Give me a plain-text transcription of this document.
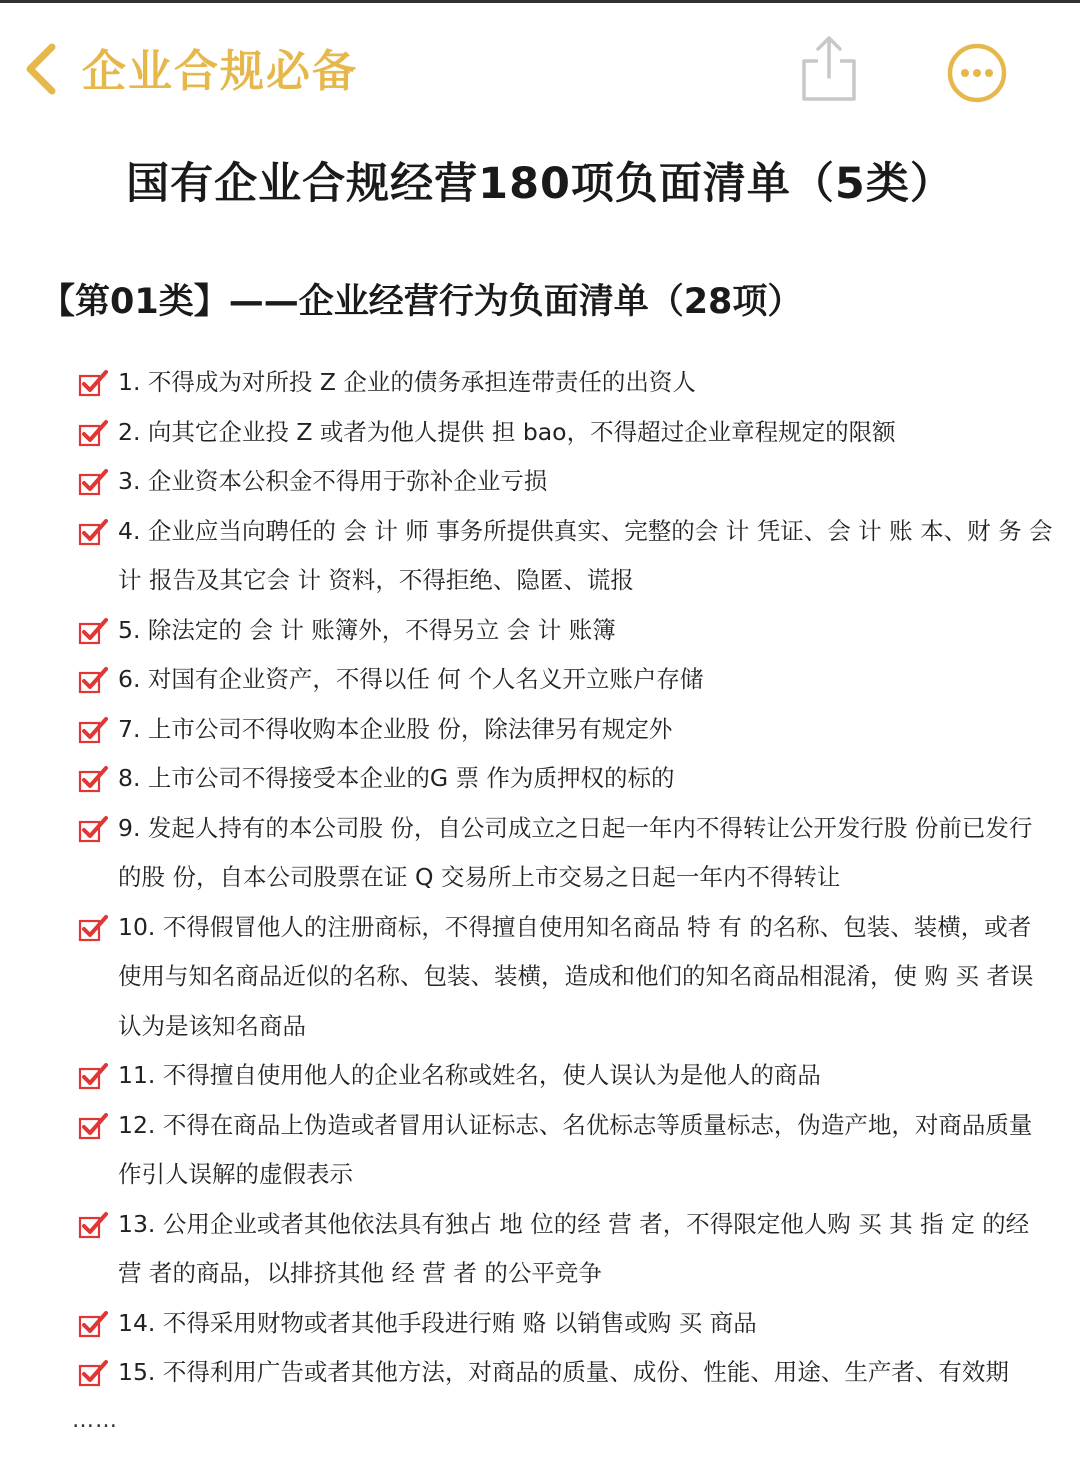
企业合规必备
国有企业合规经营180项负面清单（5类）
【第01类】——企业经营行为负面清单（28项）
1. 不得成为对所投 Z 企业的债务承担连带责任的出资人
2. 向其它企业投 Z 或者为他人提供 担 bao，不得超过企业章程规定的限额
3. 企业资本公积金不得用于弥补企业亏损
4. 企业应当向聘任的 会 计 师 事务所提供真实、完整的会 计 凭证、会 计 账 本、财 务 会 计 报告及其它会 计 资料，不得拒绝、隐匿、谎报
5. 除法定的 会 计 账簿外，不得另立 会 计 账簿
6. 对国有企业资产，不得以任 何 个人名义开立账户存储
7. 上市公司不得收购本企业股 份，除法律另有规定外
8. 上市公司不得接受本企业的G 票 作为质押权的标的
9. 发起人持有的本公司股 份，自公司成立之日起一年内不得转让公开发行股 份前已发行的股 份，自本公司股票在证 Q 交易所上市交易之日起一年内不得转让
10. 不得假冒他人的注册商标，不得擅自使用知名商品 特 有 的名称、包装、装横，或者使用与知名商品近似的名称、包装、装横，造成和他们的知名商品相混淆，使 购 买 者误认为是该知名商品
11. 不得擅自使用他人的企业名称或姓名，使人误认为是他人的商品
12. 不得在商品上伪造或者冒用认证标志、名优标志等质量标志，伪造产地，对商品质量作引人误解的虚假表示
13. 公用企业或者其他依法具有独占 地 位的经 营 者，不得限定他人购 买 其 指 定 的经 营 者的商品，以排挤其他 经 营 者 的公平竞争
14. 不得采用财物或者其他手段进行贿 赂 以销售或购 买 商品
15. 不得利用广告或者其他方法，对商品的质量、成份、性能、用途、生产者、有效期
……
